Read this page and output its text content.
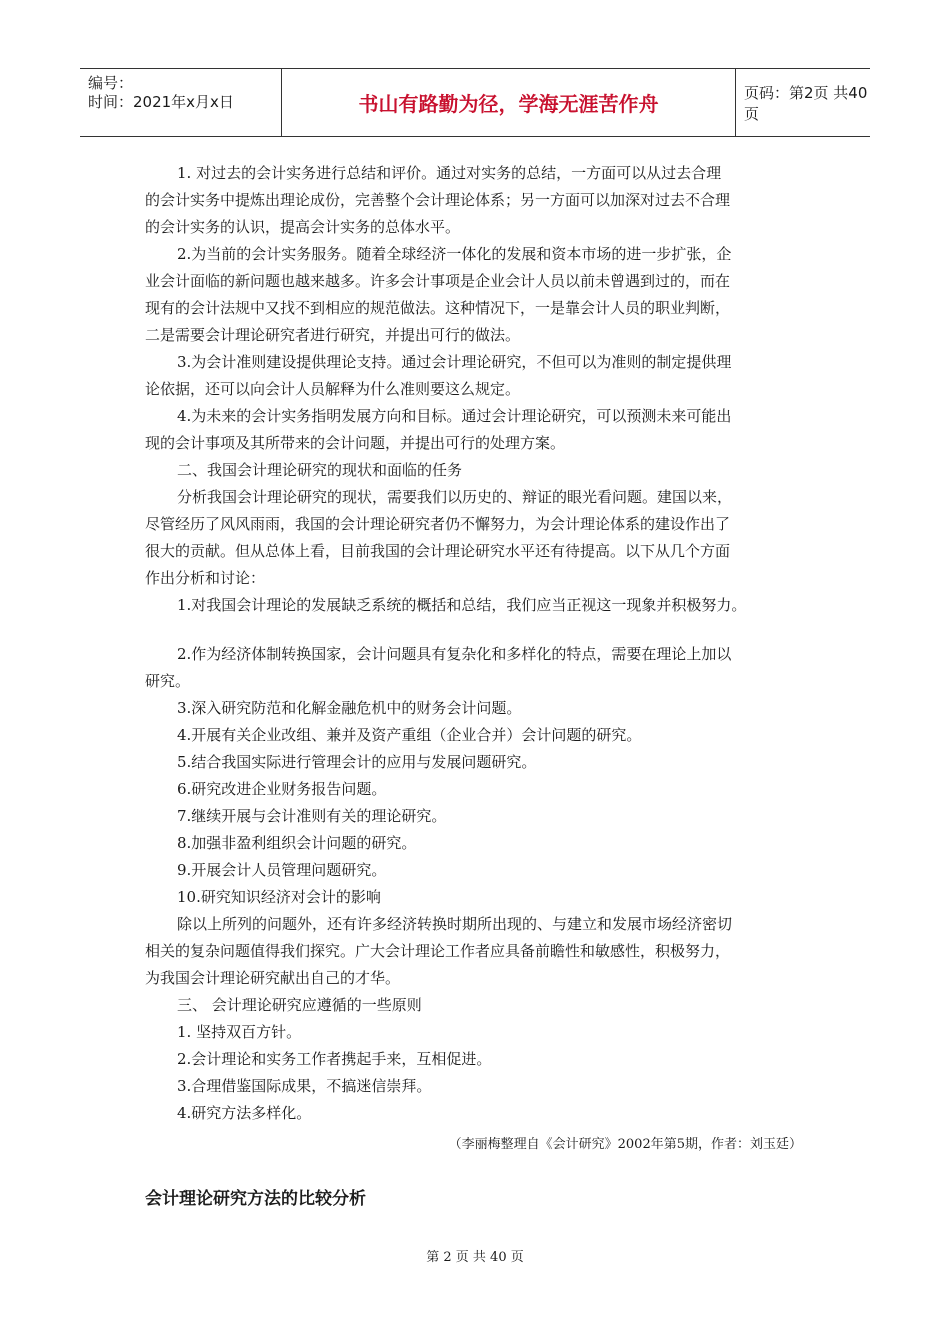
编号：
时间：2021年x月x日	书山有路勤为径，学海无涯苦作舟	页码：第2页 共40页

1. 对过去的会计实务进行总结和评价。通过对实务的总结，一方面可以从过去合理

的会计实务中提炼出理论成份，完善整个会计理论体系；另一方面可以加深对过去不合理

的会计实务的认识，提高会计实务的总体水平。

2.为当前的会计实务服务。随着全球经济一体化的发展和资本市场的进一步扩张，企

业会计面临的新问题也越来越多。许多会计事项是企业会计人员以前未曾遇到过的，而在

现有的会计法规中又找不到相应的规范做法。这种情况下，一是靠会计人员的职业判断，

二是需要会计理论研究者进行研究，并提出可行的做法。

3.为会计准则建设提供理论支持。通过会计理论研究，不但可以为准则的制定提供理

论依据，还可以向会计人员解释为什么准则要这么规定。

4.为未来的会计实务指明发展方向和目标。通过会计理论研究，可以预测未来可能出

现的会计事项及其所带来的会计问题，并提出可行的处理方案。

二、我国会计理论研究的现状和面临的任务

分析我国会计理论研究的现状，需要我们以历史的、辩证的眼光看问题。建国以来，

尽管经历了风风雨雨，我国的会计理论研究者仍不懈努力，为会计理论体系的建设作出了

很大的贡献。但从总体上看，目前我国的会计理论研究水平还有待提高。以下从几个方面

作出分析和讨论：

1.对我国会计理论的发展缺乏系统的概括和总结，我们应当正视这一现象并积极努力。

2.作为经济体制转换国家，会计问题具有复杂化和多样化的特点，需要在理论上加以

研究。

3.深入研究防范和化解金融危机中的财务会计问题。

4.开展有关企业改组、兼并及资产重组（企业合并）会计问题的研究。

5.结合我国实际进行管理会计的应用与发展问题研究。

6.研究改进企业财务报告问题。

7.继续开展与会计准则有关的理论研究。

8.加强非盈利组织会计问题的研究。

9.开展会计人员管理问题研究。

10.研究知识经济对会计的影响

除以上所列的问题外，还有许多经济转换时期所出现的、与建立和发展市场经济密切

相关的复杂问题值得我们探究。广大会计理论工作者应具备前瞻性和敏感性，积极努力，

为我国会计理论研究献出自己的才华。

三、 会计理论研究应遵循的一些原则

1. 坚持双百方针。

2.会计理论和实务工作者携起手来，互相促进。

3.合理借鉴国际成果，不搞迷信崇拜。

4.研究方法多样化。

（李丽梅整理自《会计研究》2002年第5期，作者：刘玉廷）
会计理论研究方法的比较分析
第 2 页 共 40 页
